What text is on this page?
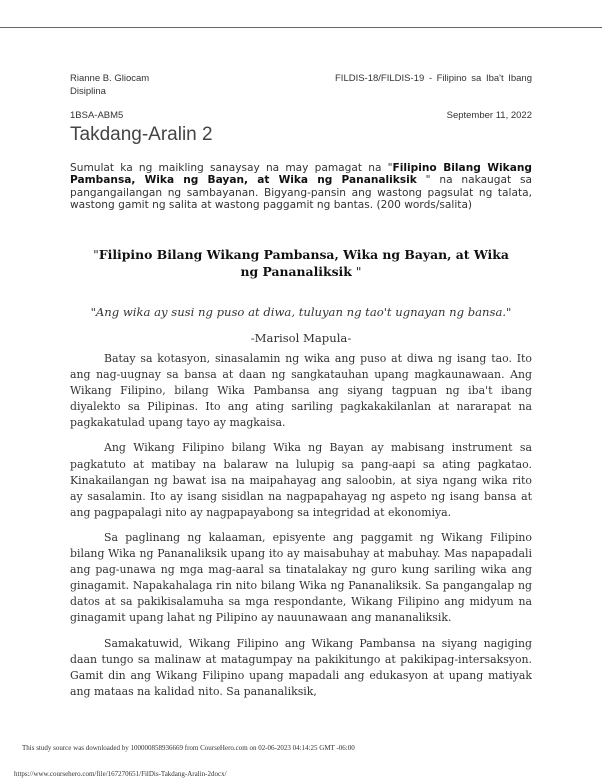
Rianne B. Gliocam	FILDIS-18/FILDIS-19 - Filipino sa Iba't Ibang
Disiplina
1BSA-ABM5	September 11, 2022
Takdang-Aralin 2
Sumulat ka ng maikling sanaysay na may pamagat na "Filipino Bilang Wikang Pambansa, Wika ng Bayan, at Wika ng Pananaliksik " na nakaugat sa pangangailangan ng sambayanan. Bigyang-pansin ang wastong pagsulat ng talata, wastong gamit ng salita at wastong paggamit ng bantas. (200 words/salita)
"Filipino Bilang Wikang Pambansa, Wika ng Bayan, at Wika ng Pananaliksik "
"Ang wika ay susi ng puso at diwa, tuluyan ng tao't ugnayan ng bansa."
-Marisol Mapula-

Batay sa kotasyon, sinasalamin ng wika ang puso at diwa ng isang tao. Ito ang nag-uugnay sa bansa at daan ng sangkatauhan upang magkaunawaan. Ang Wikang Filipino, bilang Wika Pambansa ang siyang tagpuan ng iba't ibang diyalekto sa Pilipinas. Ito ang ating sariling pagkakakilanlan at nararapat na pagkakatulad upang tayo ay magkaisa.

Ang Wikang Filipino bilang Wika ng Bayan ay mabisang instrument sa pagkatuto at matibay na balaraw na lulupig sa pang-aapi sa ating pagkatao. Kinakailangan ng bawat isa na maipahayag ang saloobin, at siya ngang wika rito ay sasalamin. Ito ay isang sisidlan na nagpapahayag ng aspeto ng isang bansa at ang pagpapalagi nito ay nagpapayabong sa integridad at ekonomiya.

Sa paglinang ng kalaaman, episyente ang paggamit ng Wikang Filipino bilang Wika ng Pananaliksik upang ito ay maisabuhay at mabuhay. Mas napapadali ang pag-unawa ng mga mag-aaral sa tinatalakay ng guro kung sariling wika ang ginagamit. Napakahalaga rin nito bilang Wika ng Pananaliksik. Sa pangangalap ng datos at sa pakikisalamuha sa mga respondante, Wikang Filipino ang midyum na ginagamit upang lahat ng Pilipino ay nauunawaan ang mananaliksik.

Samakatuwid, Wikang Filipino ang Wikang Pambansa na siyang nagiging daan tungo sa malinaw at matagumpay na pakikitungo at pakikipag-intersaksyon. Gamit din ang Wikang Filipino upang mapadali ang edukasyon at upang matiyak ang mataas na kalidad nito. Sa pananaliksik,

This study source was downloaded by 100000858936669 from CourseHero.com on 02-06-2023 04:14:25 GMT -06:00
https://www.coursehero.com/file/167270651/FilDis-Takdang-Aralin-2docx/
